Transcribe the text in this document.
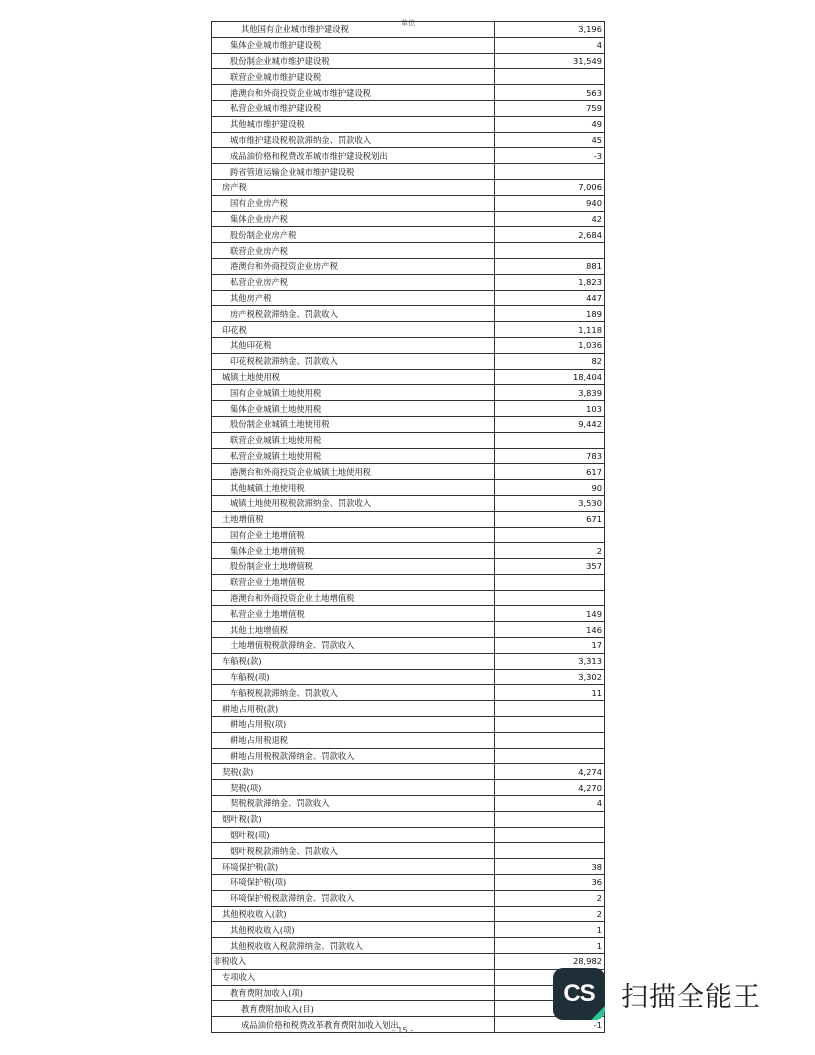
单位
其他国有企业城市维护建设税	3,196
集体企业城市维护建设税	4
股份制企业城市维护建设税	31,549
联营企业城市维护建设税	
港澳台和外商投资企业城市维护建设税	563
私营企业城市维护建设税	759
其他城市维护建设税	49
城市维护建设税税款滞纳金、罚款收入	45
成品油价格和税费改革城市维护建设税划出	-3
跨省管道运输企业城市维护建设税	
房产税	7,006
国有企业房产税	940
集体企业房产税	42
股份制企业房产税	2,684
联营企业房产税	
港澳台和外商投资企业房产税	881
私营企业房产税	1,823
其他房产税	447
房产税税款滞纳金、罚款收入	189
印花税	1,118
其他印花税	1,036
印花税税款滞纳金、罚款收入	82
城镇土地使用税	18,404
国有企业城镇土地使用税	3,839
集体企业城镇土地使用税	103
股份制企业城镇土地使用税	9,442
联营企业城镇土地使用税	
私营企业城镇土地使用税	783
港澳台和外商投资企业城镇土地使用税	617
其他城镇土地使用税	90
城镇土地使用税税款滞纳金、罚款收入	3,530
土地增值税	671
国有企业土地增值税	
集体企业土地增值税	2
股份制企业土地增值税	357
联营企业土地增值税	
港澳台和外商投资企业土地增值税	
私营企业土地增值税	149
其他土地增值税	146
土地增值税税款滞纳金、罚款收入	17
车船税(款)	3,313
车船税(项)	3,302
车船税税款滞纳金、罚款收入	11
耕地占用税(款)	
耕地占用税(项)	
耕地占用税退税	
耕地占用税税款滞纳金、罚款收入	
契税(款)	4,274
契税(项)	4,270
契税税款滞纳金、罚款收入	4
烟叶税(款)	
烟叶税(项)	
烟叶税税款滞纳金、罚款收入	
环境保护税(款)	38
环境保护税(项)	36
环境保护税税款滞纳金、罚款收入	2
其他税收收入(款)	2
其他税收收入(项)	1
其他税收收入税款滞纳金、罚款收入	1
非税收入	28,982
专项收入	
教育费附加收入(项)	
教育费附加收入(目)	
成品油价格和税费改革教育费附加收入划出	-1
- 15 -
CS 扫描全能王
